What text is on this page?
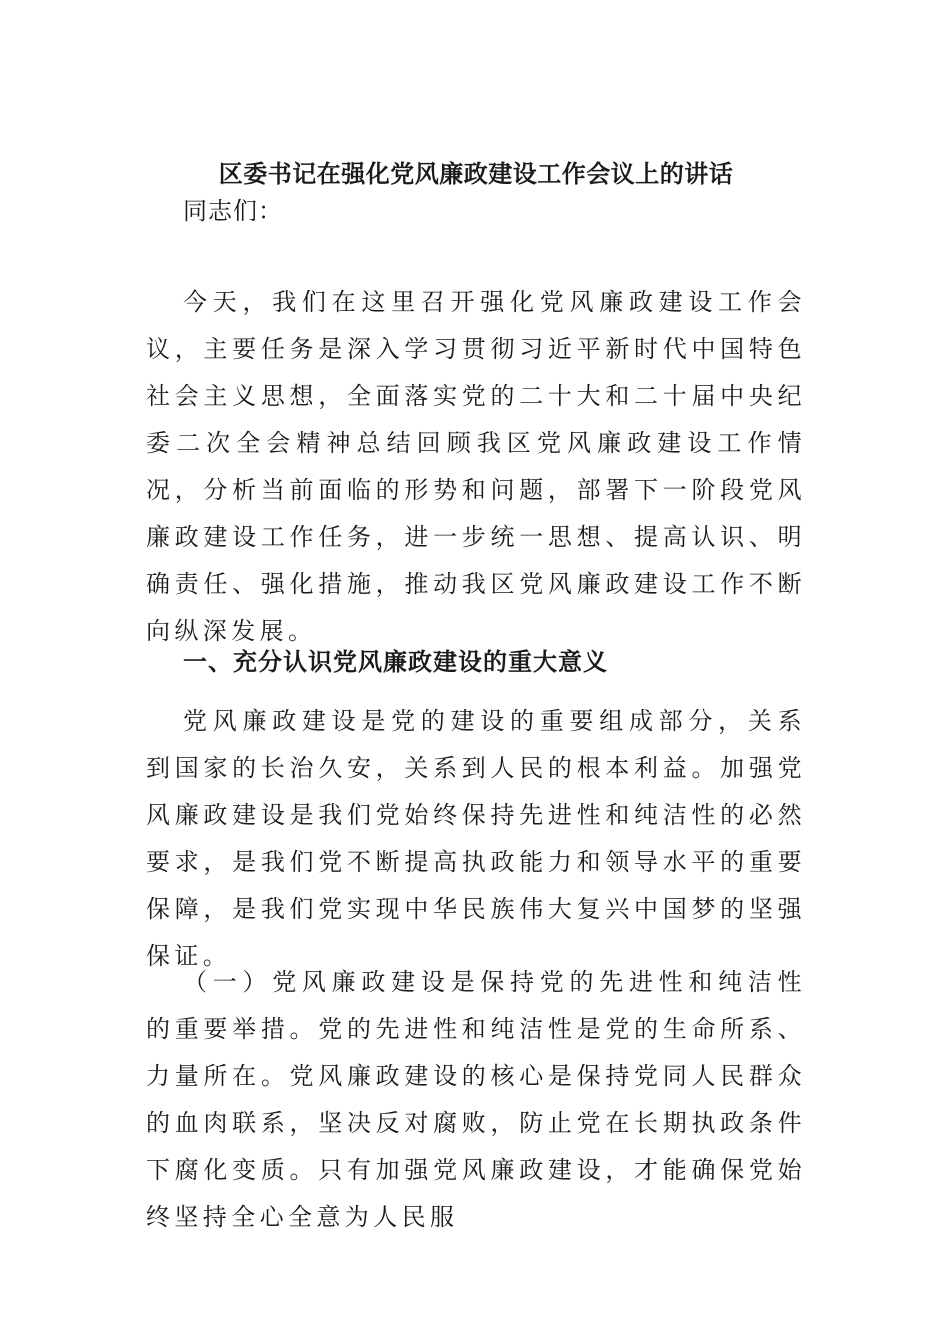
区委书记在强化党风廉政建设工作会议上的讲话
同志们：

今天，我们在这里召开强化党风廉政建设工作会议，主要任务是深入学习贯彻习近平新时代中国特色社会主义思想，全面落实党的二十大和二十届中央纪委二次全会精神总结回顾我区党风廉政建设工作情况，分析当前面临的形势和问题，部署下一阶段党风廉政建设工作任务，进一步统一思想、提高认识、明确责任、强化措施，推动我区党风廉政建设工作不断向纵深发展。

一、充分认识党风廉政建设的重大意义

党风廉政建设是党的建设的重要组成部分，关系到国家的长治久安，关系到人民的根本利益。加强党风廉政建设是我们党始终保持先进性和纯洁性的必然要求，是我们党不断提高执政能力和领导水平的重要保障，是我们党实现中华民族伟大复兴中国梦的坚强保证。

（一）党风廉政建设是保持党的先进性和纯洁性的重要举措。党的先进性和纯洁性是党的生命所系、力量所在。党风廉政建设的核心是保持党同人民群众的血肉联系，坚决反对腐败，防止党在长期执政条件下腐化变质。只有加强党风廉政建设，才能确保党始终坚持全心全意为人民服
